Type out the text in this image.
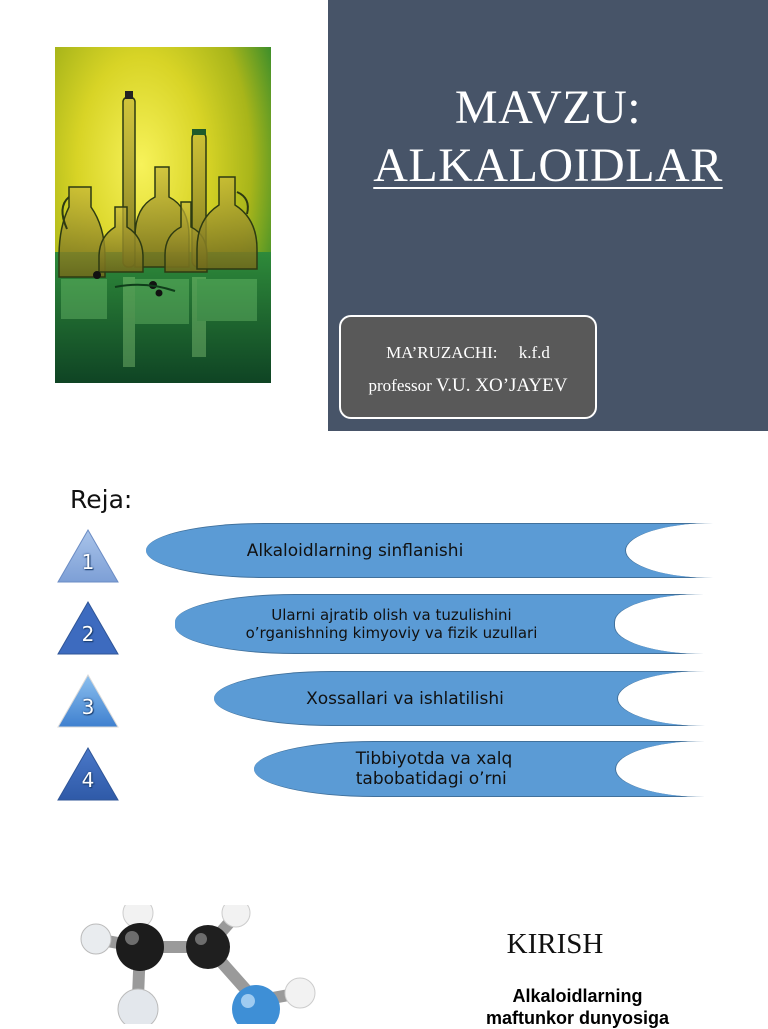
MAVZU:
ALKALOIDLAR
MA’RUZACHI: k.f.d
professor V.U. XO’JAYEV
Reja:
1
2
3
4
Alkaloidlarning sinflanishi
Ularni ajratib olish va tuzulishini
o’rganishning kimyoviy va fizik uzullari
Xossallari va ishlatilishi
Tibbiyotda va xalq
tabobatidagi o’rni
KIRISH
Alkaloidlarning
maftunkor dunyosiga
